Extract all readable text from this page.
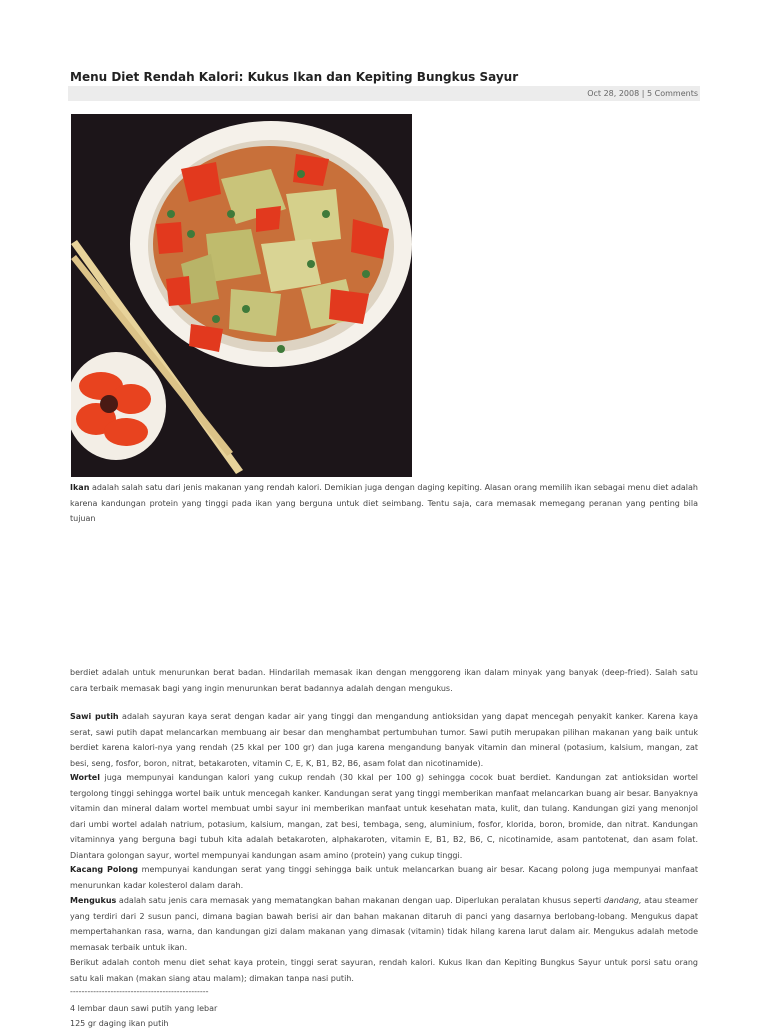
Menu Diet Rendah Kalori: Kukus Ikan dan Kepiting Bungkus Sayur
Oct 28, 2008 | 5 Comments

Ikan adalah salah satu dari jenis makanan yang rendah kalori. Demikian juga dengan daging kepiting. Alasan orang memilih ikan sebagai menu diet adalah karena kandungan protein yang tinggi pada ikan yang berguna untuk diet seimbang. Tentu saja, cara memasak memegang peranan yang penting bila tujuan

berdiet adalah untuk menurunkan berat badan. Hindarilah memasak ikan dengan menggoreng ikan dalam minyak yang banyak (deep-fried). Salah satu cara terbaik memasak bagi yang ingin menurunkan berat badannya adalah dengan mengukus.

Sawi putih adalah sayuran kaya serat dengan kadar air yang tinggi dan mengandung antioksidan yang dapat mencegah penyakit kanker. Karena kaya serat, sawi putih dapat melancarkan membuang air besar dan menghambat pertumbuhan tumor. Sawi putih merupakan pilihan makanan yang baik untuk berdiet karena kalori-nya yang rendah (25 kkal per 100 gr) dan juga karena mengandung banyak vitamin dan mineral (potasium, kalsium, mangan, zat besi, seng, fosfor, boron, nitrat, betakaroten, vitamin C, E, K, B1, B2, B6, asam folat dan nicotinamide).

Wortel juga mempunyai kandungan kalori yang cukup rendah (30 kkal per 100 g) sehingga cocok buat berdiet. Kandungan zat antioksidan wortel tergolong tinggi sehingga wortel baik untuk mencegah kanker. Kandungan serat yang tinggi memberikan manfaat melancarkan buang air besar. Banyaknya vitamin dan mineral dalam wortel membuat umbi sayur ini memberikan manfaat untuk kesehatan mata, kulit, dan tulang. Kandungan gizi yang menonjol dari umbi wortel adalah natrium, potasium, kalsium, mangan, zat besi, tembaga, seng, aluminium, fosfor, klorida, boron, bromide, dan nitrat. Kandungan vitaminnya yang berguna bagi tubuh kita adalah betakaroten, alphakaroten, vitamin E, B1, B2, B6, C, nicotinamide, asam pantotenat, dan asam folat. Diantara golongan sayur, wortel mempunyai kandungan asam amino (protein) yang cukup tinggi.

Kacang Polong mempunyai kandungan serat yang tinggi sehingga baik untuk melancarkan buang air besar. Kacang polong juga mempunyai manfaat menurunkan kadar kolesterol dalam darah.

Mengukus adalah satu jenis cara memasak yang mematangkan bahan makanan dengan uap. Diperlukan peralatan khusus seperti dandang, atau steamer yang terdiri dari 2 susun panci, dimana bagian bawah berisi air dan bahan makanan ditaruh di panci yang dasarnya berlobang-lobang. Mengukus dapat mempertahankan rasa, warna, dan kandungan gizi dalam makanan yang dimasak (vitamin) tidak hilang karena larut dalam air. Mengukus adalah metode memasak terbaik untuk ikan.

Berikut adalah contoh menu diet sehat kaya protein, tinggi serat sayuran, rendah kalori. Kukus Ikan dan Kepiting Bungkus Sayur untuk porsi satu orang satu kali makan (makan siang atau malam); dimakan tanpa nasi putih.

------------------------------------------------
4 lembar daun sawi putih yang lebar
125 gr daging ikan putih
